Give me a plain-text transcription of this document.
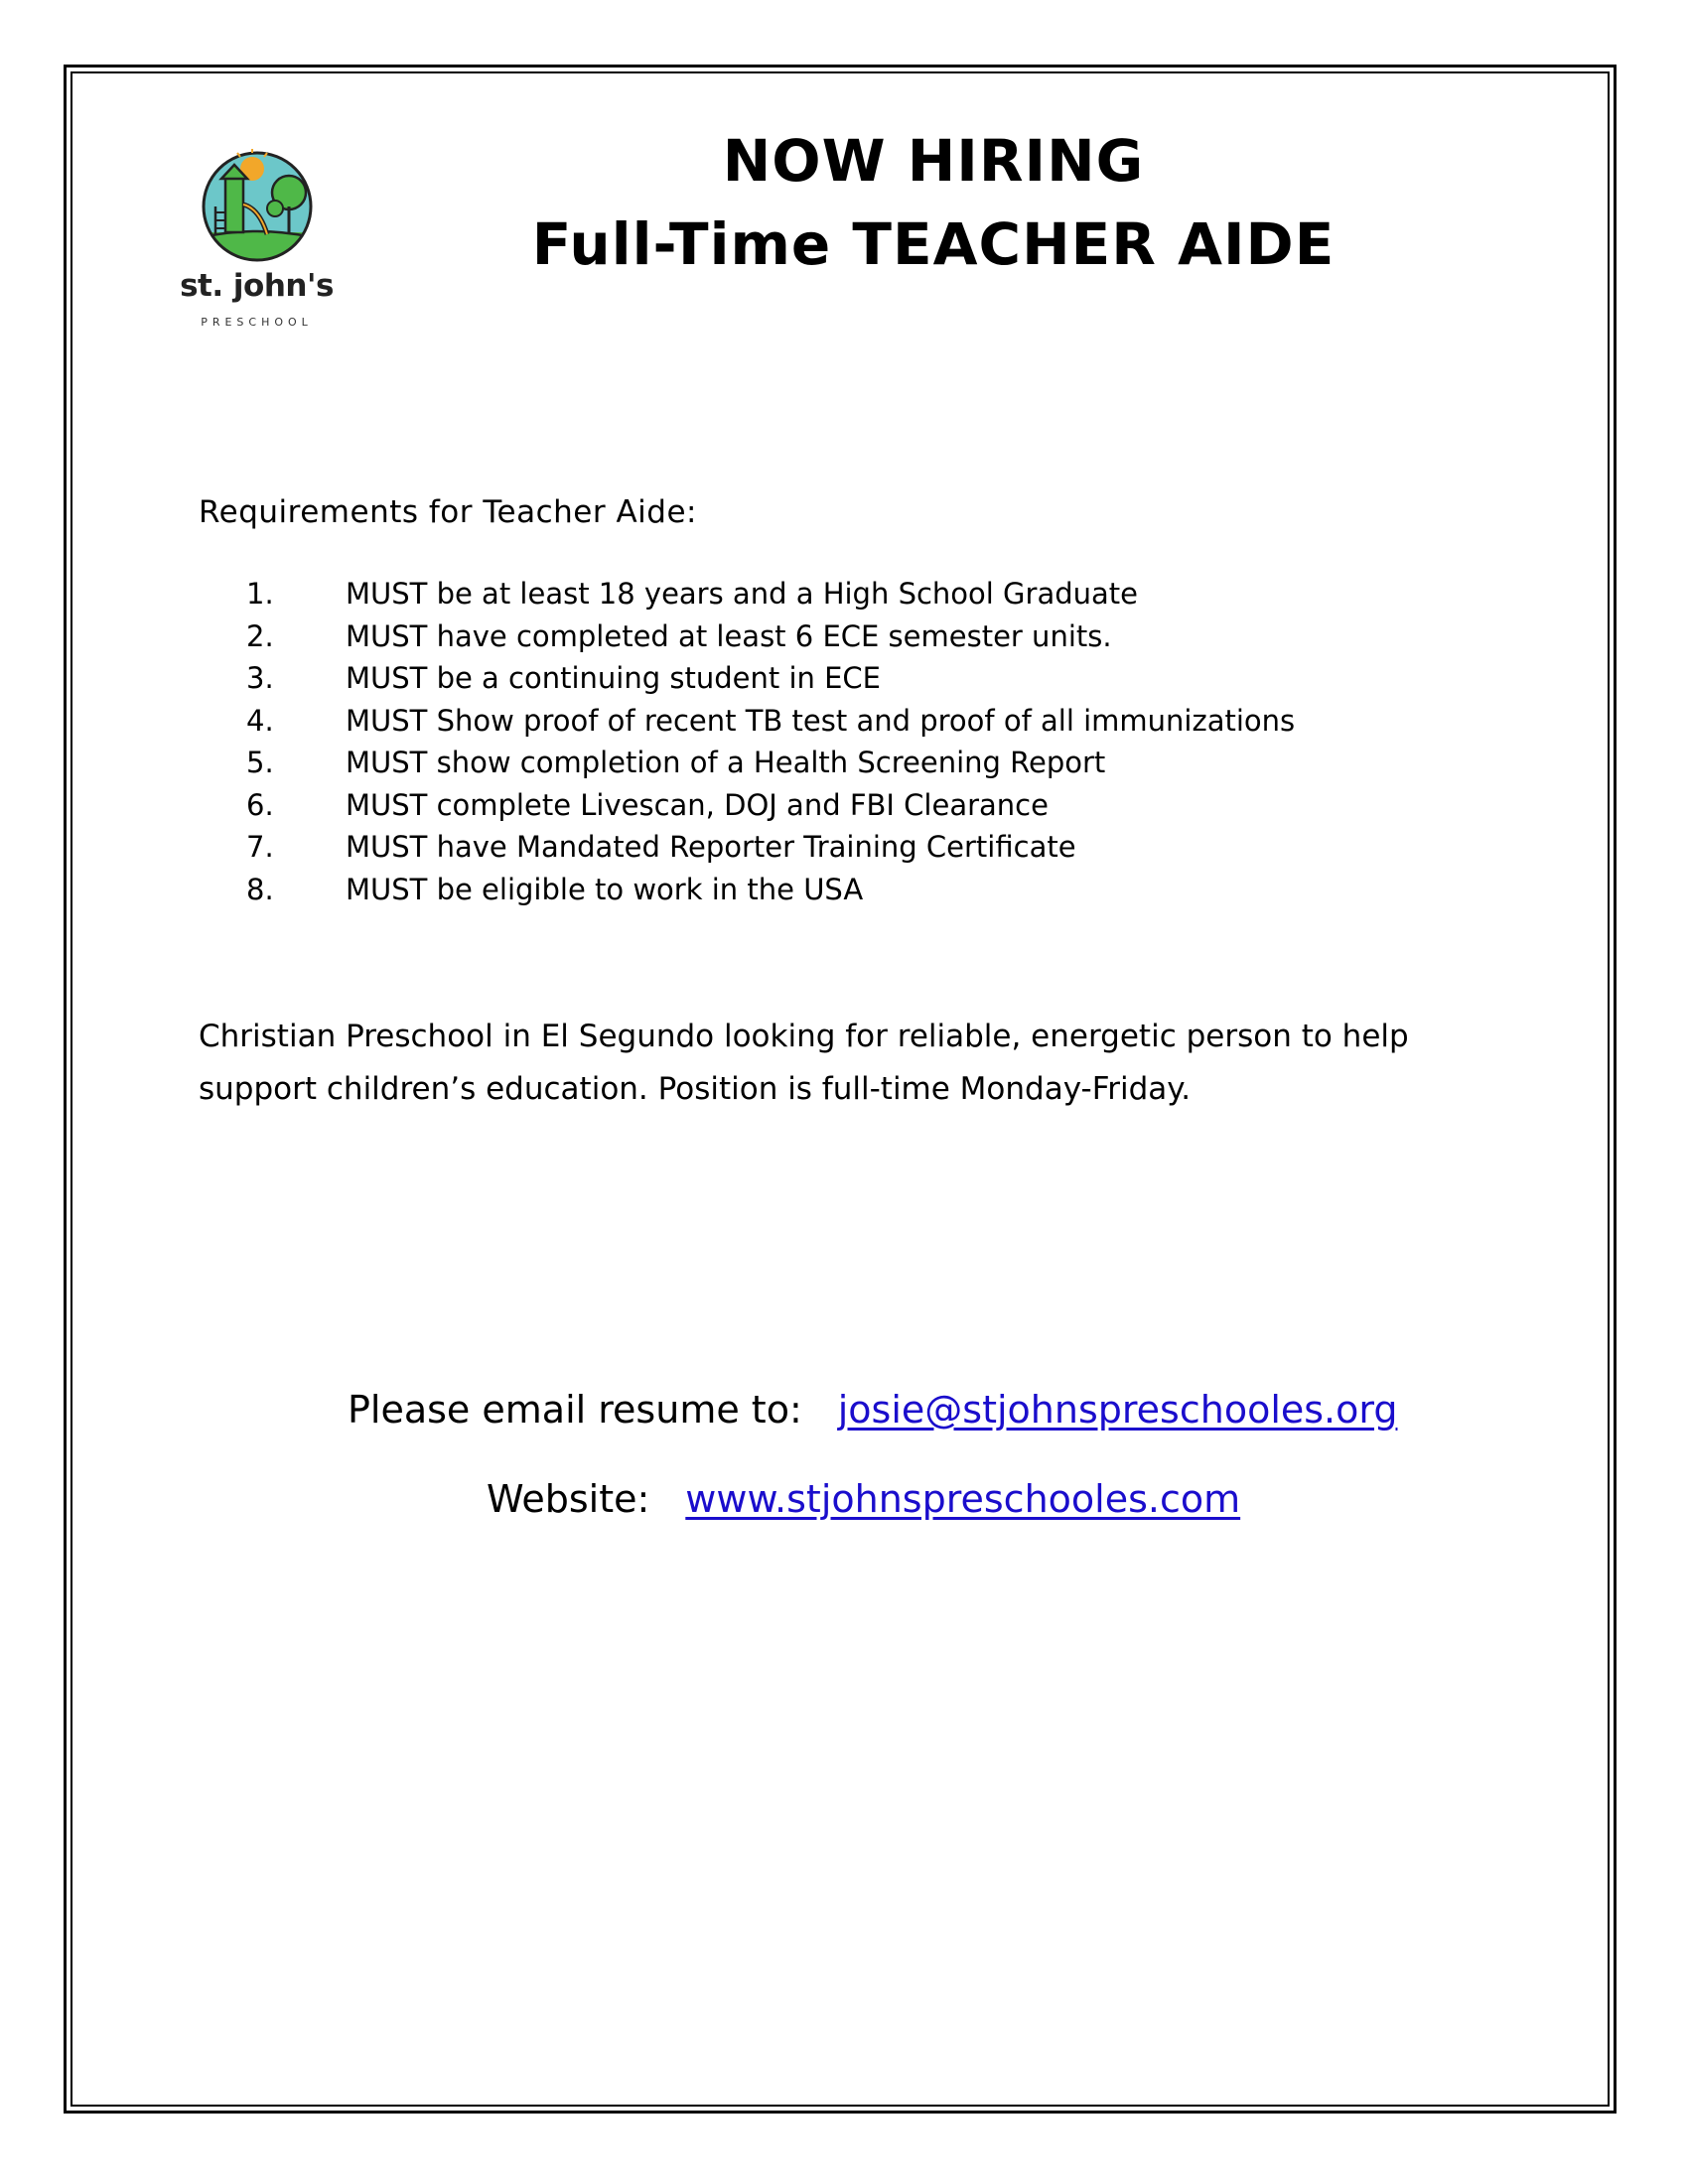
st. john's
PRESCHOOL
NOW HIRING
Full-Time TEACHER AIDE
Requirements for Teacher Aide:
1. MUST be at least 18 years and a High School Graduate
2. MUST have completed at least 6 ECE semester units.
3. MUST be a continuing student in ECE
4. MUST Show proof of recent TB test and proof of all immunizations
5. MUST show completion of a Health Screening Report
6. MUST complete Livescan, DOJ and FBI Clearance
7. MUST have Mandated Reporter Training Certificate
8. MUST be eligible to work in the USA

Christian Preschool in El Segundo looking for reliable, energetic person to help

support children’s education. Position is full-time Monday-Friday.

Please email resume to: josie@stjohnspreschooles.org
Website: www.stjohnspreschooles.com
